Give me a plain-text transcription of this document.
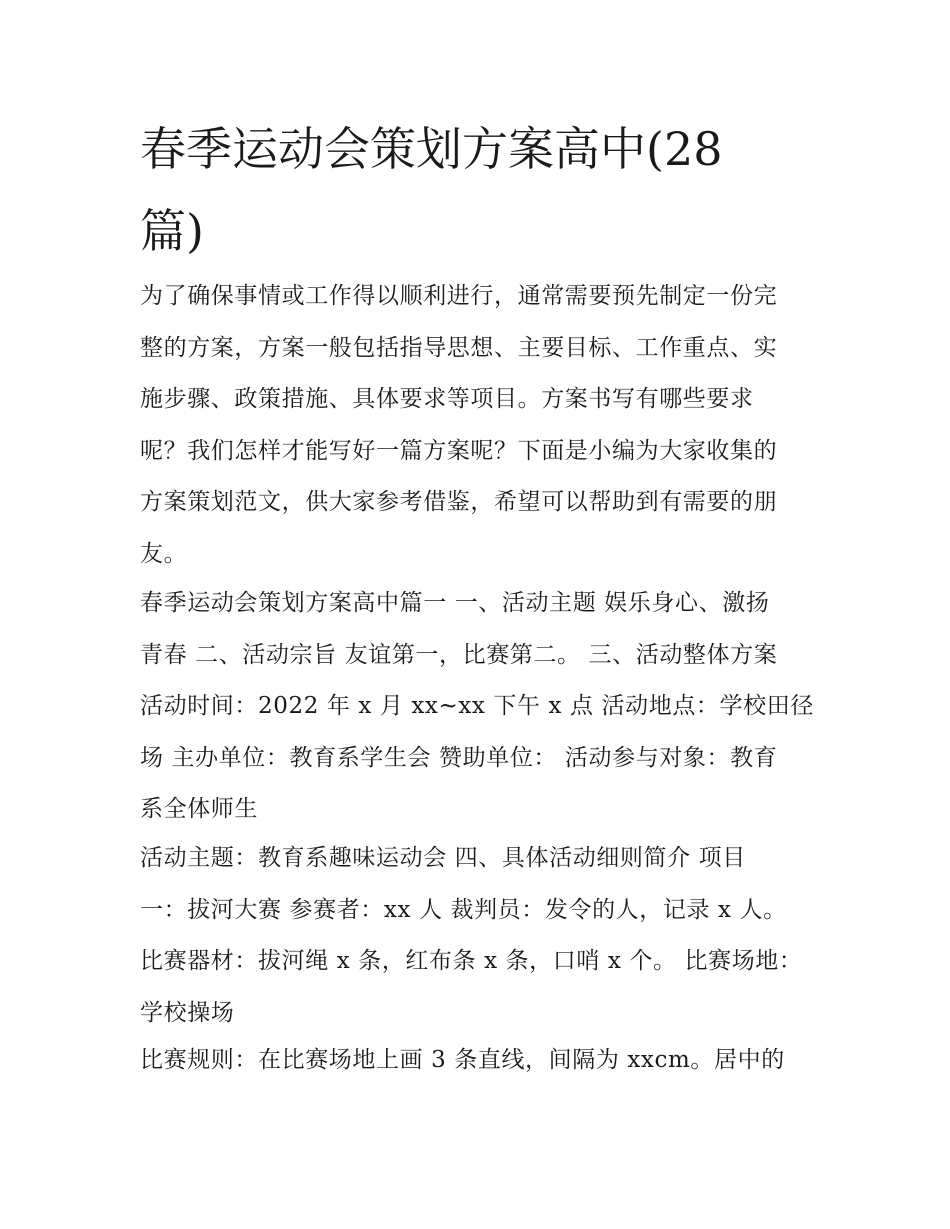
春季运动会策划方案高中(28
篇)

为了确保事情或工作得以顺利进行，通常需要预先制定一份完
整的方案，方案一般包括指导思想、主要目标、工作重点、实
施步骤、政策措施、具体要求等项目。方案书写有哪些要求
呢？我们怎样才能写好一篇方案呢？下面是小编为大家收集的
方案策划范文，供大家参考借鉴，希望可以帮助到有需要的朋
友。

春季运动会策划方案高中篇一 一、活动主题 娱乐身心、激扬
青春 二、活动宗旨 友谊第一，比赛第二。 三、活动整体方案
活动时间：2022 年 x 月 xx~xx 下午 x 点 活动地点：学校田径
场 主办单位：教育系学生会 赞助单位： 活动参与对象：教育
系全体师生

活动主题：教育系趣味运动会 四、具体活动细则简介 项目
一：拔河大赛 参赛者：xx 人 裁判员：发令的人，记录 x 人。
比赛器材：拔河绳 x 条，红布条 x 条，口哨 x 个。 比赛场地：
学校操场

比赛规则：在比赛场地上画 3 条直线，间隔为 xxcm。居中的
